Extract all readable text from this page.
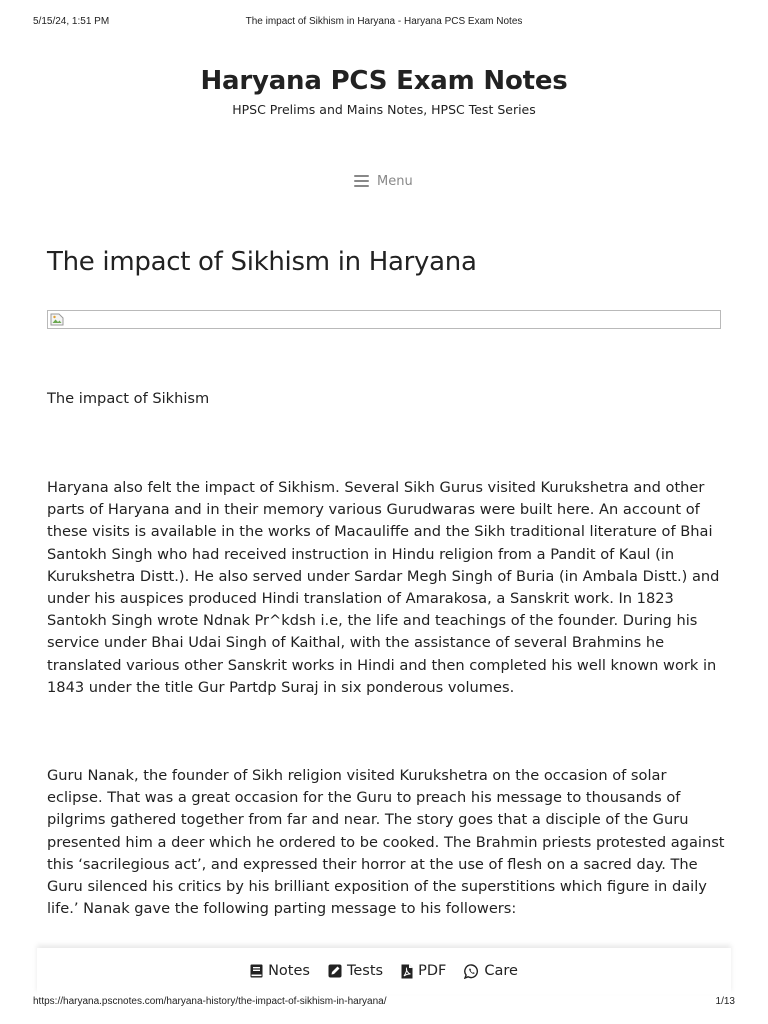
5/15/24, 1:51 PM	The impact of Sikhism in Haryana - Haryana PCS Exam Notes
Haryana PCS Exam Notes
HPSC Prelims and Mains Notes, HPSC Test Series
Menu
The impact of Sikhism in Haryana

The impact of Sikhism

Haryana also felt the impact of Sikhism. Several Sikh Gurus visited Kurukshetra and other parts of Haryana and in their memory various Gurudwaras were built here. An account of these visits is available in the works of Macauliffe and the Sikh traditional literature of Bhai Santokh Singh who had received instruction in Hindu religion from a Pandit of Kaul (in Kurukshetra Distt.). He also served under Sardar Megh Singh of Buria (in Ambala Distt.) and under his auspices produced Hindi translation of Amarakosa, a Sanskrit work. In 1823 Santokh Singh wrote Ndnak Pr^kdsh i.e, the life and teachings of the founder. During his service under Bhai Udai Singh of Kaithal, with the assistance of several Brahmins he translated various other Sanskrit works in Hindi and then completed his well known work in 1843 under the title Gur Partdp Suraj in six ponderous volumes.

Guru Nanak, the founder of Sikh religion visited Kurukshetra on the occasion of solar eclipse. That was a great occasion for the Guru to preach his message to thousands of pilgrims gathered together from far and near. The story goes that a disciple of the Guru presented him a deer which he ordered to be cooked. The Brahmin priests protested against this ‘sacrilegious act’, and expressed their horror at the use of flesh on a sacred day. The Guru silenced his critics by his brilliant exposition of the superstitions which figure in daily life.’ Nanak gave the following parting message to his followers:

Notes	Tests PDF	Care
https://haryana.pscnotes.com/haryana-history/the-impact-of-sikhism-in-haryana/	1/13
